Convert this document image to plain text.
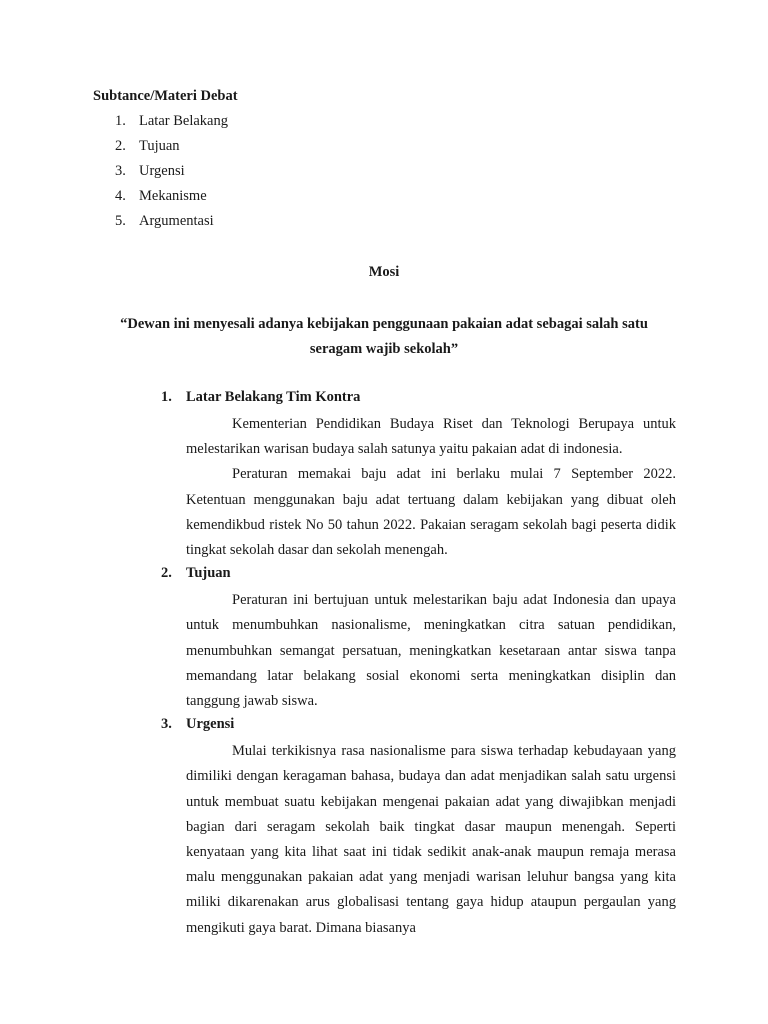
Subtance/Materi Debat

1. Latar Belakang
2. Tujuan
3. Urgensi
4. Mekanisme
5. Argumentasi

Mosi

“Dewan ini menyesali adanya kebijakan penggunaan pakaian adat sebagai salah satu seragam wajib sekolah”

1. Latar Belakang Tim Kontra

Kementerian Pendidikan Budaya Riset dan Teknologi Berupaya untuk melestarikan warisan budaya salah satunya yaitu pakaian adat di indonesia.

Peraturan memakai baju adat ini berlaku mulai 7 September 2022. Ketentuan menggunakan baju adat tertuang dalam kebijakan yang dibuat oleh kemendikbud ristek No 50 tahun 2022. Pakaian seragam sekolah bagi peserta didik tingkat sekolah dasar dan sekolah menengah.

2. Tujuan

Peraturan ini bertujuan untuk melestarikan baju adat Indonesia dan upaya untuk menumbuhkan nasionalisme, meningkatkan citra satuan pendidikan, menumbuhkan semangat persatuan, meningkatkan kesetaraan antar siswa tanpa memandang latar belakang sosial ekonomi serta meningkatkan disiplin dan tanggung jawab siswa.

3. Urgensi

Mulai terkikisnya rasa nasionalisme para siswa terhadap kebudayaan yang dimiliki dengan keragaman bahasa, budaya dan adat menjadikan salah satu urgensi untuk membuat suatu kebijakan mengenai pakaian adat yang diwajibkan menjadi bagian dari seragam sekolah baik tingkat dasar maupun menengah. Seperti kenyataan yang kita lihat saat ini tidak sedikit anak-anak maupun remaja merasa malu menggunakan pakaian adat yang menjadi warisan leluhur bangsa yang kita miliki dikarenakan arus globalisasi tentang gaya hidup ataupun pergaulan yang mengikuti gaya barat. Dimana biasanya
